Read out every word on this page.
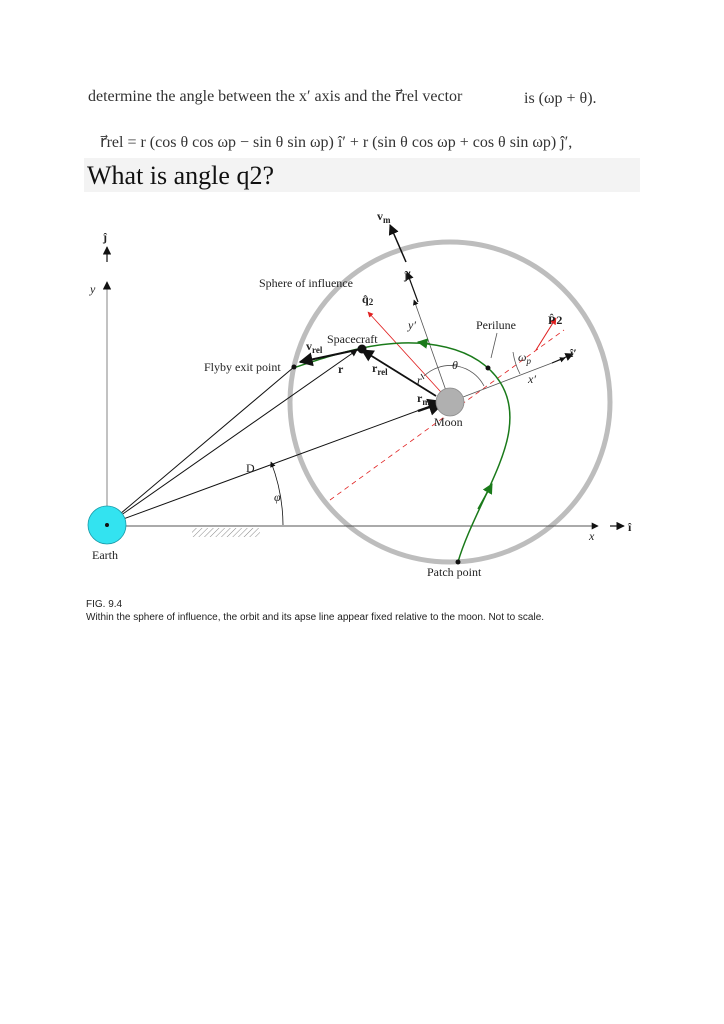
determine the angle between the x′ axis and the r⃗rel vector	is (ωp + θ).
r⃗rel = r (cos θ cos ωp − sin θ sin ωp) î′ + r (sin θ cos ωp + cos θ sin ωp) ĵ′,
What is angle q2?
$v_m$
ĵ
y	Sphere of influence
ĵ′
q̂2
y′	Perilune	P̂2
$v_{rel}$
Spacecraft
î′
θ
$\omega_p$
x′
Flyby exit point	r $r_{rel}$
r
$r_m$
Moon
D
φ
Earth
x
î
Patch point
FIG. 9.4
Within the sphere of influence, the orbit and its apse line appear fixed relative to the moon. Not to scale.
